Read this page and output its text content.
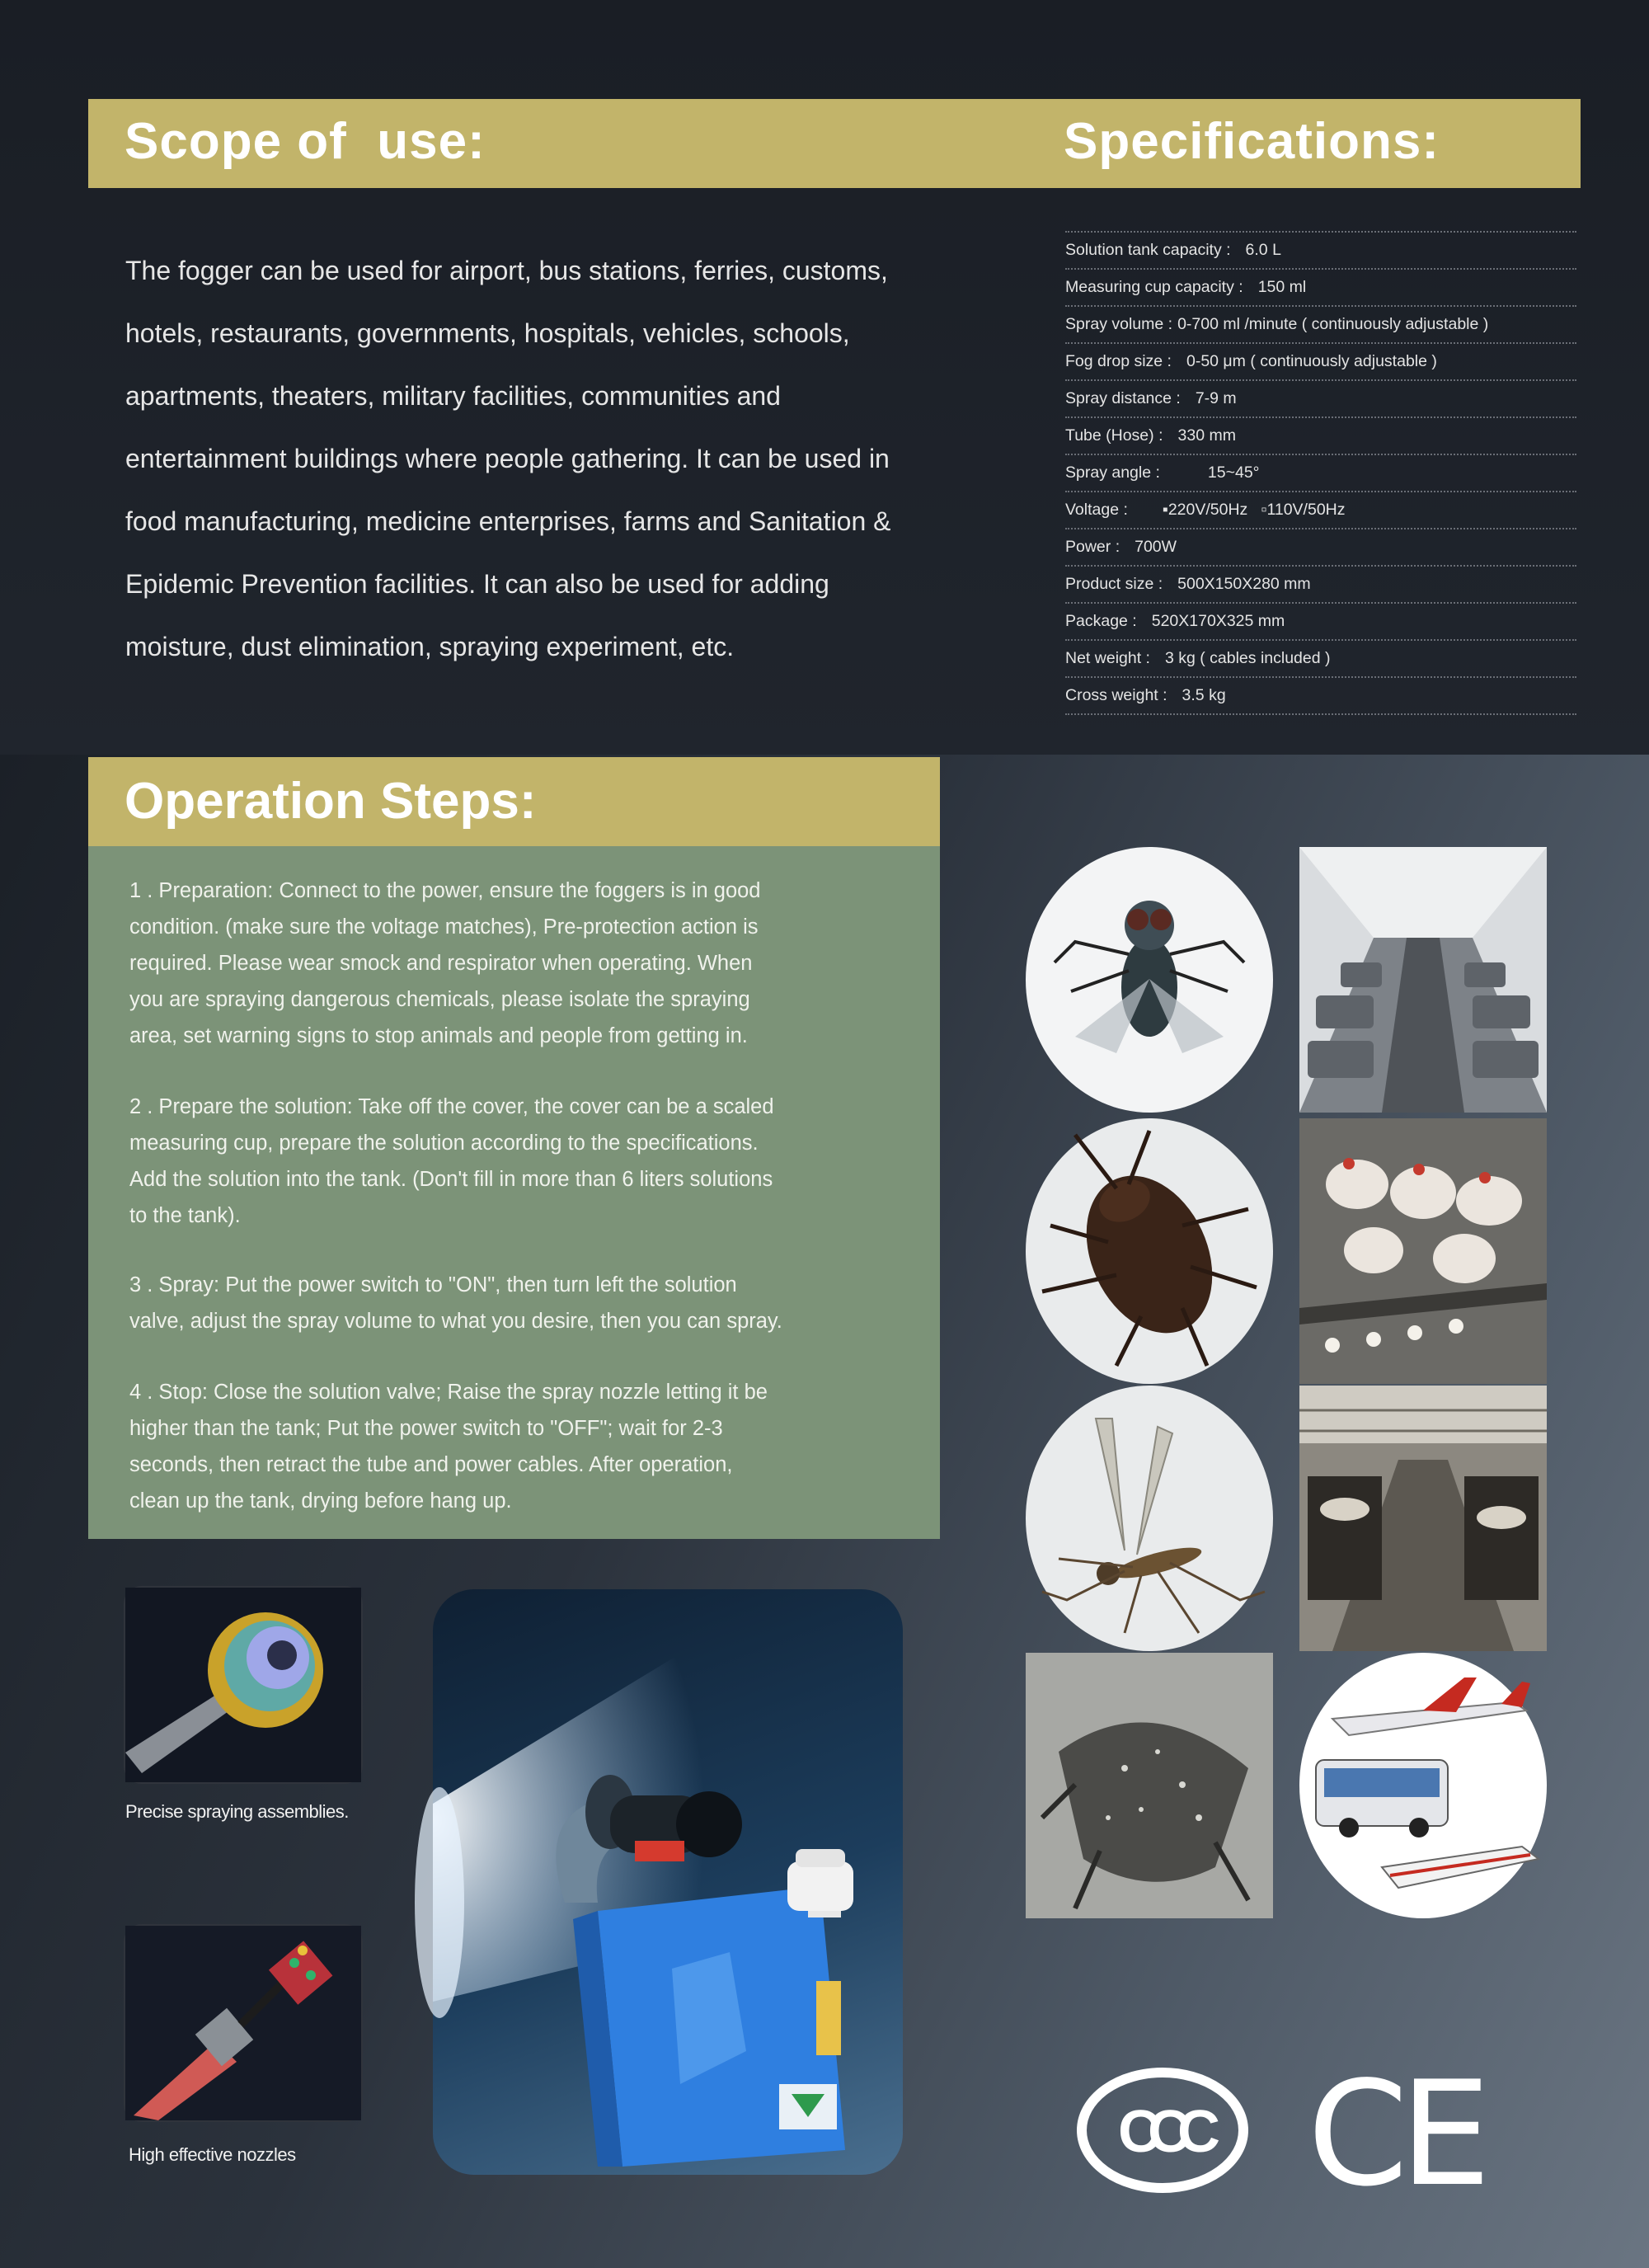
Scope of  use:	Specifications:
The fogger can be used for airport, bus stations, ferries, customs,
hotels, restaurants, governments, hospitals, vehicles, schools,
apartments, theaters, military facilities, communities and
entertainment buildings where people gathering. It can be used in
food manufacturing, medicine enterprises, farms and Sanitation &
Epidemic Prevention facilities. It can also be used for adding
moisture, dust elimination, spraying experiment, etc.
Solution tank capacity : 6.0 L
Measuring cup capacity : 150 ml
Spray volume : 0-700 ml /minute ( continuously adjustable )
Fog drop size : 0-50 μm ( continuously adjustable )
Spray distance : 7-9 m
Tube (Hose) : 330 mm
Spray angle :	15~45°
Voltage : ▪220V/50Hz   ▫110V/50Hz
Power : 700W
Product size : 500X150X280 mm
Package : 520X170X325 mm
Net weight : 3 kg ( cables included )
Cross weight : 3.5 kg
Operation Steps:
1 . Preparation: Connect to the power, ensure the foggers is in good
condition. (make sure the voltage matches), Pre-protection action is
required. Please wear smock and respirator when operating. When
you are spraying dangerous chemicals, please isolate the spraying
area, set warning signs to stop animals and people from getting in.
2 . Prepare the solution: Take off the cover, the cover can be a scaled
measuring cup, prepare the solution according to the specifications.
Add the solution into the tank. (Don't fill in more than 6 liters solutions
to the tank).
3 . Spray: Put the power switch to "ON", then turn left the solution
valve, adjust the spray volume to what you desire, then you can spray.
4 . Stop: Close the solution valve; Raise the spray nozzle letting it be
higher than the tank; Put the power switch to "OFF"; wait for 2-3
seconds, then retract the tube and power cables. After operation,
clean up the tank, drying before hang up.
Precise spraying assemblies.
High effective nozzles	CCC CE
